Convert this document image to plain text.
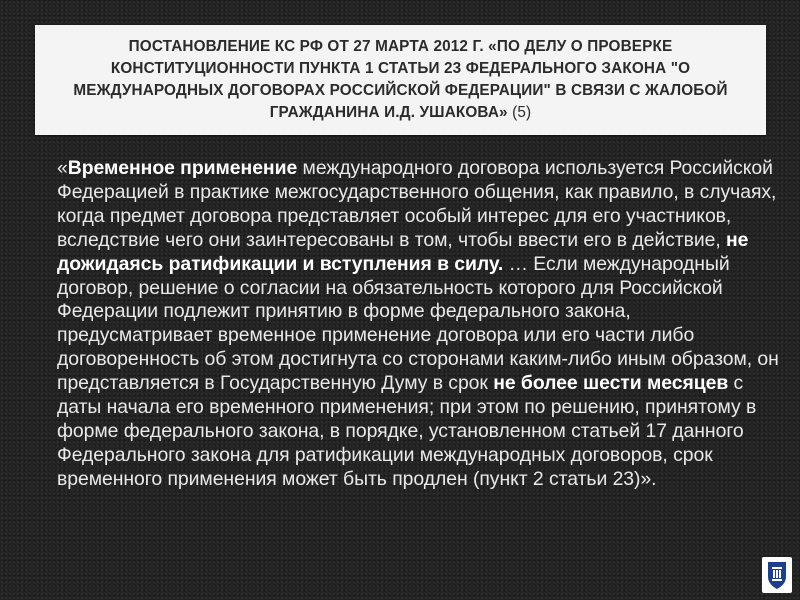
ПОСТАНОВЛЕНИЕ КС РФ ОТ 27 МАРТА 2012 Г. «ПО ДЕЛУ О ПРОВЕРКЕ КОНСТИТУЦИОННОСТИ ПУНКТА 1 СТАТЬИ 23 ФЕДЕРАЛЬНОГО ЗАКОНА "О МЕЖДУНАРОДНЫХ ДОГОВОРАХ РОССИЙСКОЙ ФЕДЕРАЦИИ" В СВЯЗИ С ЖАЛОБОЙ ГРАЖДАНИНА И.Д. УШАКОВА» (5)

«Временное применение международного договора используется Российской Федерацией в практике межгосударственного общения, как правило, в случаях, когда предмет договора представляет особый интерес для его участников, вследствие чего они заинтересованы в том, чтобы ввести его в действие, не дожидаясь ратификации и вступления в силу. … Если международный договор, решение о согласии на обязательность которого для Российской Федерации подлежит принятию в форме федерального закона, предусматривает временное применение договора или его части либо договоренность об этом достигнута со сторонами каким-либо иным образом, он представляется в Государственную Думу в срок не более шести месяцев с даты начала его временного применения; при этом по решению, принятому в форме федерального закона, в порядке, установленном статьей 17 данного Федерального закона для ратификации международных договоров, срок временного применения может быть продлен (пункт 2 статьи 23)».
